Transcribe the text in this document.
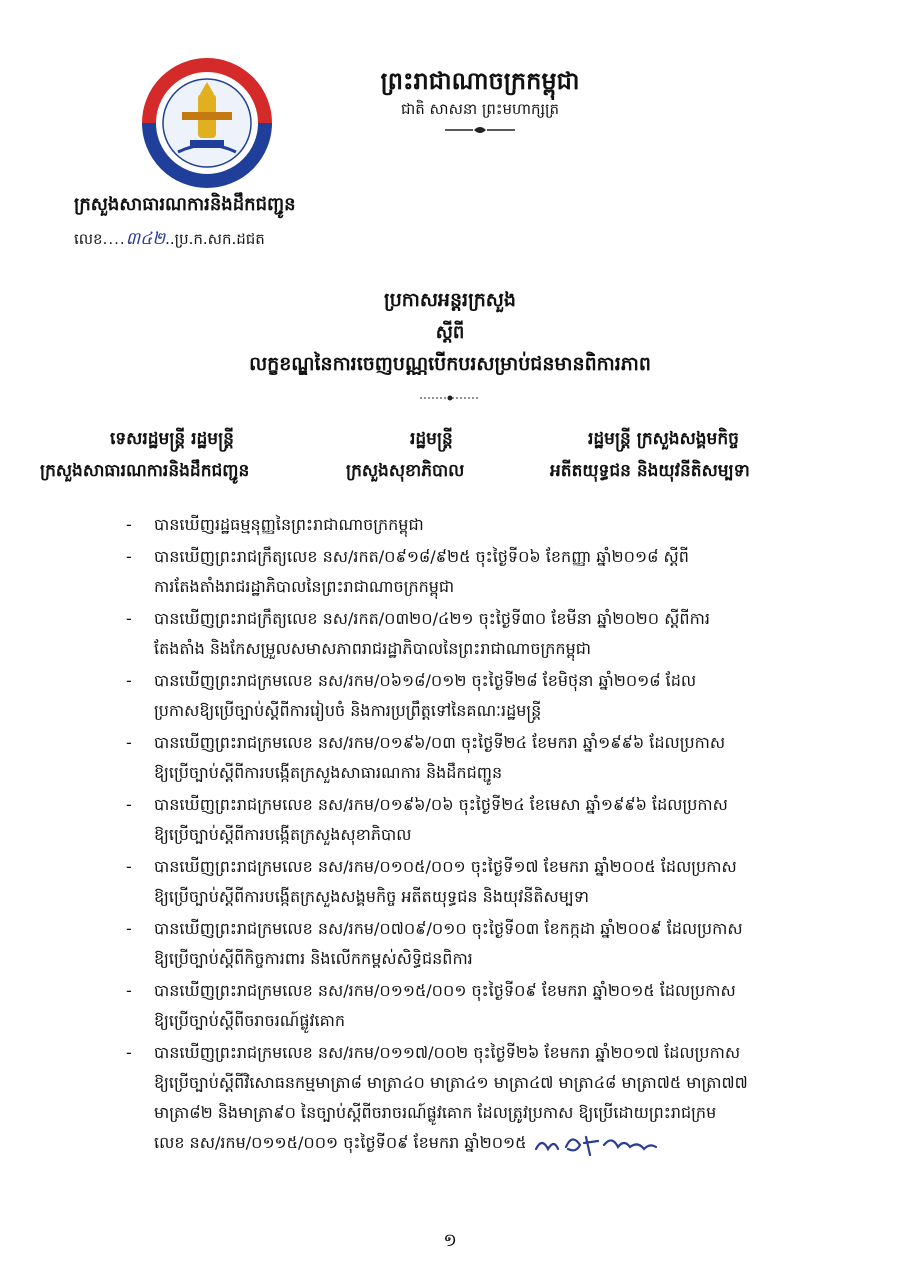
ព្រះរាជាណាចក្រកម្ពុជា
ជាតិ សាសនា ព្រះមហាក្សត្រ
ក្រសួងសាធារណការនិងដឹកជញ្ជូន
លេខ .... ៣៤២ ..ប្រ.ក.សក.ដជត
ប្រកាសអន្តរក្រសួង
ស្តីពី
លក្ខខណ្ឌនៃការចេញបណ្ណបើកបរសម្រាប់ជនមានពិការភាព
ទេសរដ្ឋមន្ត្រី រដ្ឋមន្ត្រី	រដ្ឋមន្ត្រី	រដ្ឋមន្ត្រី ក្រសួងសង្គមកិច្ច
ក្រសួងសាធារណការនិងដឹកជញ្ជូន	ក្រសួងសុខាភិបាល	អតីតយុទ្ធជន និងយុវនីតិសម្បទា
- បានឃើញរដ្ឋធម្មនុញ្ញនៃព្រះរាជាណាចក្រកម្ពុជា
- បានឃើញព្រះរាជក្រឹត្យលេខ នស/រកត/០៩១៨/៩២៥ ចុះថ្ងៃទី០៦ ខែកញ្ញា ឆ្នាំ២០១៨ ស្តីពី
ការតែងតាំងរាជរដ្ឋាភិបាលនៃព្រះរាជាណាចក្រកម្ពុជា
- បានឃើញព្រះរាជក្រឹត្យលេខ នស/រកត/០៣២០/៤២១ ចុះថ្ងៃទី៣០ ខែមីនា ឆ្នាំ២០២០ ស្តីពីការ
តែងតាំង និងកែសម្រួលសមាសភាពរាជរដ្ឋាភិបាលនៃព្រះរាជាណាចក្រកម្ពុជា
- បានឃើញព្រះរាជក្រមលេខ នស/រកម/០៦១៨/០១២ ចុះថ្ងៃទី២៨ ខែមិថុនា ឆ្នាំ២០១៨ ដែល
ប្រកាសឱ្យប្រើច្បាប់ស្តីពីការរៀបចំ និងការប្រព្រឹត្តទៅនៃគណៈរដ្ឋមន្ត្រី
- បានឃើញព្រះរាជក្រមលេខ នស/រកម/០១៩៦/០៣ ចុះថ្ងៃទី២៤ ខែមករា ឆ្នាំ១៩៩៦ ដែលប្រកាស
ឱ្យប្រើច្បាប់ស្តីពីការបង្កើតក្រសួងសាធារណការ និងដឹកជញ្ជូន
- បានឃើញព្រះរាជក្រមលេខ នស/រកម/០១៩៦/០៦ ចុះថ្ងៃទី២៤ ខែមេសា ឆ្នាំ១៩៩៦ ដែលប្រកាស
ឱ្យប្រើច្បាប់ស្តីពីការបង្កើតក្រសួងសុខាភិបាល
- បានឃើញព្រះរាជក្រមលេខ នស/រកម/០១០៥/០០១ ចុះថ្ងៃទី១៧ ខែមករា ឆ្នាំ២០០៥ ដែលប្រកាស
ឱ្យប្រើច្បាប់ស្តីពីការបង្កើតក្រសួងសង្គមកិច្ច អតីតយុទ្ធជន និងយុវនីតិសម្បទា
- បានឃើញព្រះរាជក្រមលេខ នស/រកម/០៧០៩/០១០ ចុះថ្ងៃទី០៣ ខែកក្កដា ឆ្នាំ២០០៩ ដែលប្រកាស
ឱ្យប្រើច្បាប់ស្តីពីកិច្ចការពារ និងលើកកម្ពស់សិទ្ធិជនពិការ
- បានឃើញព្រះរាជក្រមលេខ នស/រកម/០១១៥/០០១ ចុះថ្ងៃទី០៩ ខែមករា ឆ្នាំ២០១៥ ដែលប្រកាស
ឱ្យប្រើច្បាប់ស្តីពីចរាចរណ៍ផ្លូវគោក
- បានឃើញព្រះរាជក្រមលេខ នស/រកម/០១១៧/០០២ ចុះថ្ងៃទី២៦ ខែមករា ឆ្នាំ២០១៧ ដែលប្រកាស
ឱ្យប្រើច្បាប់ស្តីពីវិសោធនកម្មមាត្រា៨ មាត្រា៤០ មាត្រា៤១ មាត្រា៤៧ មាត្រា៤៨ មាត្រា៧៥ មាត្រា៧៧
មាត្រា៨២ និងមាត្រា៩០ នៃច្បាប់ស្តីពីចរាចរណ៍ផ្លូវគោក ដែលត្រូវប្រកាស ឱ្យប្រើដោយព្រះរាជក្រម
លេខ នស/រកម/០១១៥/០០១ ចុះថ្ងៃទី០៩ ខែមករា ឆ្នាំ២០១៥
១
